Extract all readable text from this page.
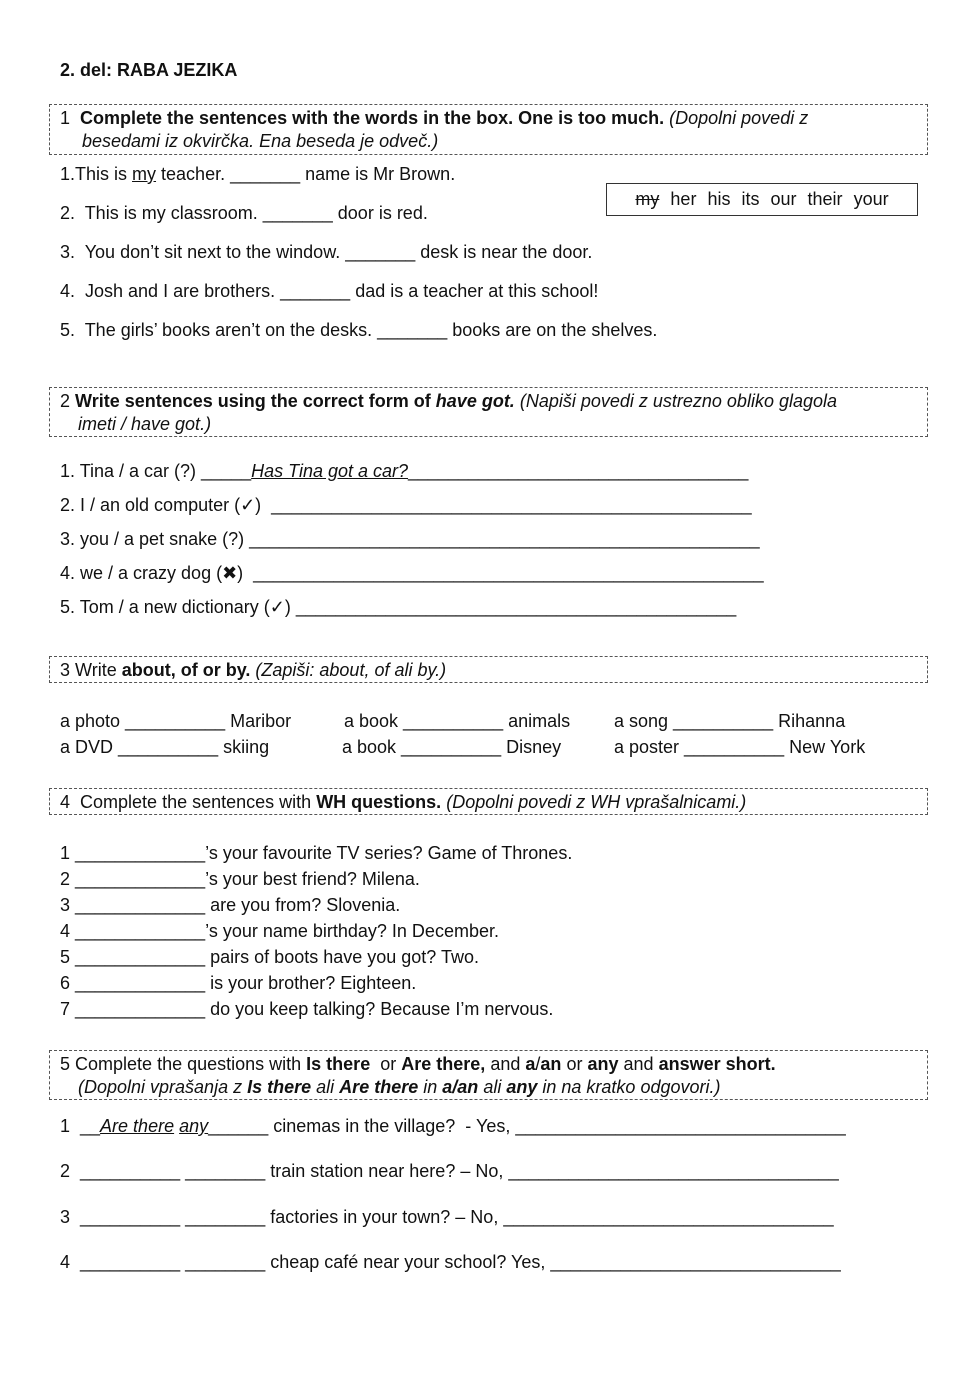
2. del: RABA JEZIKA
1 Complete the sentences with the words in the box. One is too much. (Dopolni povedi z
besedami iz okvirčka. Ena beseda je odveč.)
1.This is my teacher. _______ name is Mr Brown.
my her his its our their your
2.  This is my classroom. _______ door is red.
3.  You don’t sit next to the window. _______ desk is near the door.
4.  Josh and I are brothers. _______ dad is a teacher at this school!
5.  The girls’ books aren’t on the desks. _______ books are on the shelves.
2 Write sentences using the correct form of have got. (Napiši povedi z ustrezno obliko glagola
imeti / have got.)
1. Tina / a car (?) _____Has Tina got a car?__________________________________
2. I / an old computer (✓)  ________________________________________________
3. you / a pet snake (?) ___________________________________________________
4. we / a crazy dog (✖)  ___________________________________________________
5. Tom / a new dictionary (✓) ____________________________________________
3 Write about, of or by. (Zapiši: about, of ali by.)
a photo __________ Maribor	a book __________ animals a song __________ Rihanna
a DVD __________ skiing	a book __________ Disney	a poster __________ New York
4 Complete the sentences with WH questions. (Dopolni povedi z WH vprašalnicami.)
1 _____________’s your favourite TV series? Game of Thrones.
2 _____________’s your best friend? Milena.
3 _____________ are you from? Slovenia.
4 _____________’s your name birthday? In December.
5 _____________ pairs of boots have you got? Two.
6 _____________ is your brother? Eighteen.
7 _____________ do you keep talking? Because I’m nervous.
5 Complete the questions with Is there or Are there, and a/an or any and answer short.
(Dopolni vprašanja z Is there ali Are there in a/an ali any in na kratko odgovori.)
1  __Are there any______ cinemas in the village?  - Yes, _________________________________
2  __________ ________ train station near here? – No, _________________________________
3  __________ ________ factories in your town? – No, _________________________________
4  __________ ________ cheap café near your school? Yes, _____________________________
